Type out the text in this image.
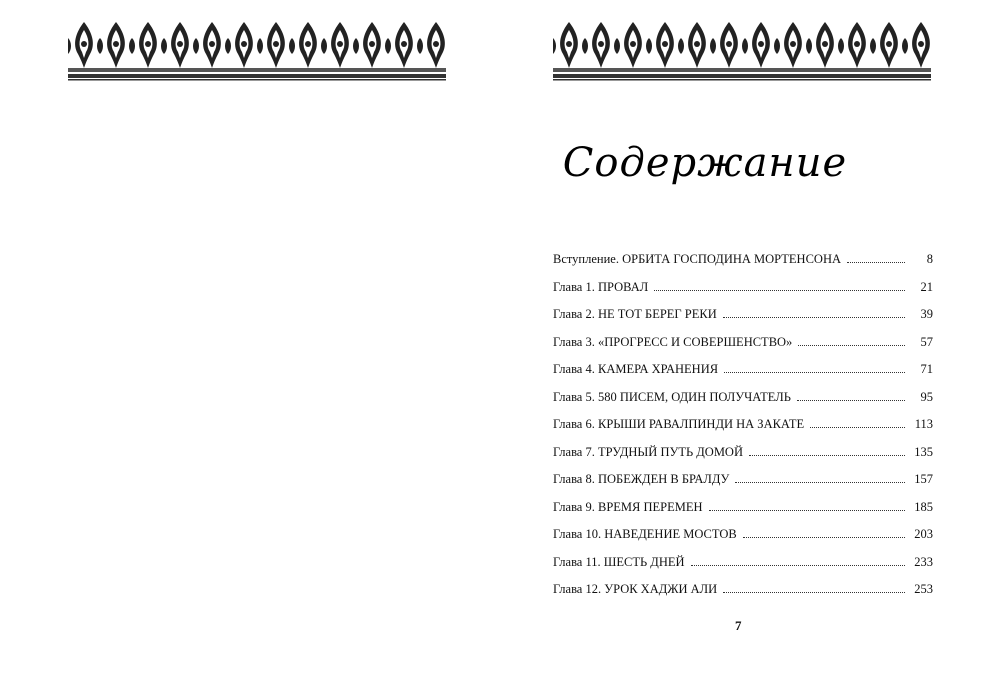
Содержание
Вступление. ОРБИТА ГОСПОДИНА МОРТЕНСОНА	8
Глава 1. ПРОВАЛ	21
Глава 2. НЕ ТОТ БЕРЕГ РЕКИ	39
Глава 3. «ПРОГРЕСС И СОВЕРШЕНСТВО»	57
Глава 4. КАМЕРА ХРАНЕНИЯ	71
Глава 5. 580 ПИСЕМ, ОДИН ПОЛУЧАТЕЛЬ	95
Глава 6. КРЫШИ РАВАЛПИНДИ НА ЗАКАТЕ	113
Глава 7. ТРУДНЫЙ ПУТЬ ДОМОЙ	135
Глава 8. ПОБЕЖДЕН В БРАЛДУ	157
Глава 9. ВРЕМЯ ПЕРЕМЕН	185
Глава 10. НАВЕДЕНИЕ МОСТОВ	203
Глава 11. ШЕСТЬ ДНЕЙ	233
Глава 12. УРОК ХАДЖИ АЛИ	253
7
